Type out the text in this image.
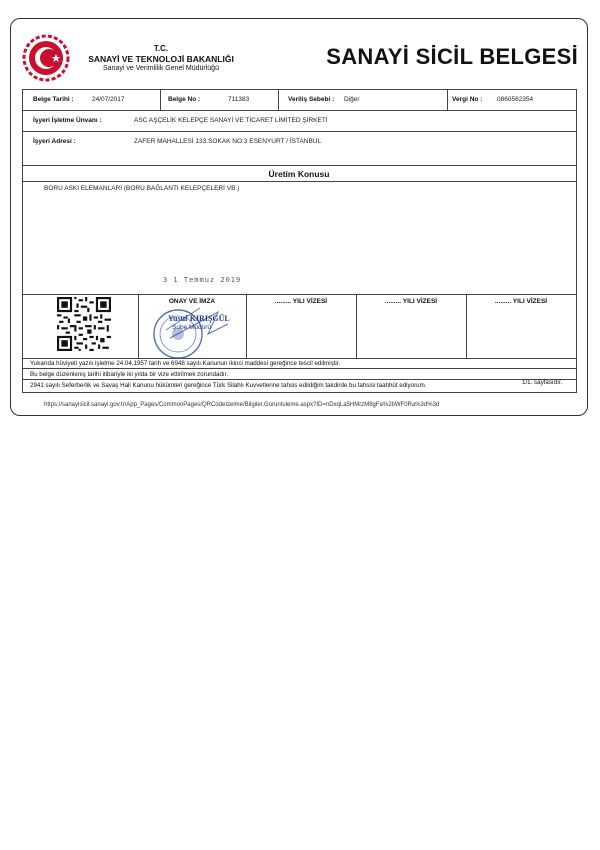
T.C.
SANAYİ VE TEKNOLOJİ BAKANLIĞI
Sanayi ve Verimlilik Genel Müdürlüğü	SANAYİ SİCİL BELGESİ
Belge Tarihi :	24/07/2017	Belge No :	711383	Veriliş Sebebi : Diğer	Vergi No : 0860562354
İşyeri İşletme Ünvanı :	ASC AŞÇELİK KELEPÇE SANAYİ VE TİCARET LİMİTED ŞİRKETİ
İşyeri Adresi :	ZAFER MAHALLESİ 133.SOKAK NO:3 ESENYURT / İSTANBUL
Üretim Konusu
BORU ASKI ELEMANLARI (BORU BAĞLANTI KELEPÇELERİ VB.)
3 1 Temmuz 2019
ONAY VE İMZA
Yusuf KIRIŞGÜL
Şube Müdürü
......... YILI VİZESİ	......... YILI VİZESİ	......... YILI VİZESİ
Yukarıda hüviyeti yazılı işletme 24.04.1957 tarih ve 6948 sayılı Kanunun ikinci maddesi gereğince tescil edilmiştir.
Bu belge düzenleniş tarihi itibariyle iki yılda bir vize ettirilmek zorundadır.
2941 sayılı Seferberlik ve Savaş Hali Kanunu hükümleri gereğince Türk Silahlı Kuvvetlerine tahsis edildiğim takdirde bu tahsisi taahhüt ediyorum.	1/1. sayfasıdır.
https://sanayisicil.sanayi.gov.tr/App_Pages/CommonPages/QRCodeIzelme/Bilgiler.Goruntuleme.aspx?ID=nDxqLa5HMrzM8gFa%2bWF0Ra%3d%3d
